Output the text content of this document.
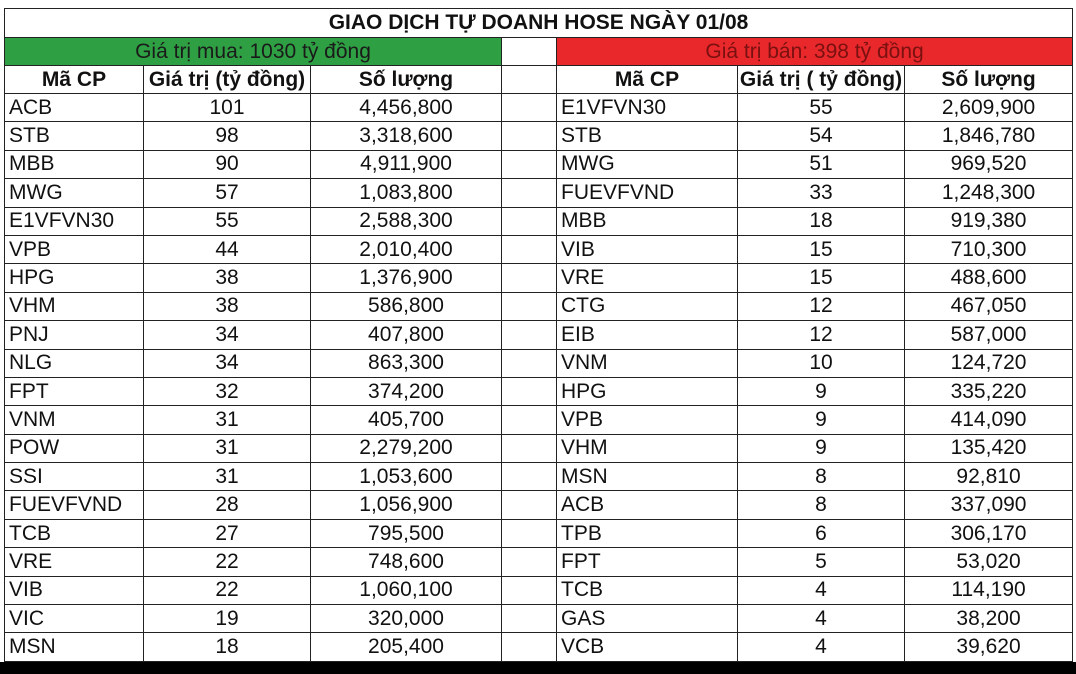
GIAO DỊCH TỰ DOANH HOSE NGÀY 01/08						
Giá trị mua: 1030 tỷ đồng				Giá trị bán: 398 tỷ đồng		
Mã CP	Giá trị (tỷ đồng)	Số lượng		Mã CP	Giá trị ( tỷ đồng)	Số lượng
ACB	101	4,456,800		E1VFVN30	55	2,609,900
STB	98	3,318,600		STB	54	1,846,780
MBB	90	4,911,900		MWG	51	969,520
MWG	57	1,083,800		FUEVFVND	33	1,248,300
E1VFVN30	55	2,588,300		MBB	18	919,380
VPB	44	2,010,400		VIB	15	710,300
HPG	38	1,376,900		VRE	15	488,600
VHM	38	586,800		CTG	12	467,050
PNJ	34	407,800		EIB	12	587,000
NLG	34	863,300		VNM	10	124,720
FPT	32	374,200		HPG	9	335,220
VNM	31	405,700		VPB	9	414,090
POW	31	2,279,200		VHM	9	135,420
SSI	31	1,053,600		MSN	8	92,810
FUEVFVND	28	1,056,900		ACB	8	337,090
TCB	27	795,500		TPB	6	306,170
VRE	22	748,600		FPT	5	53,020
VIB	22	1,060,100		TCB	4	114,190
VIC	19	320,000		GAS	4	38,200
MSN	18	205,400		VCB	4	39,620
